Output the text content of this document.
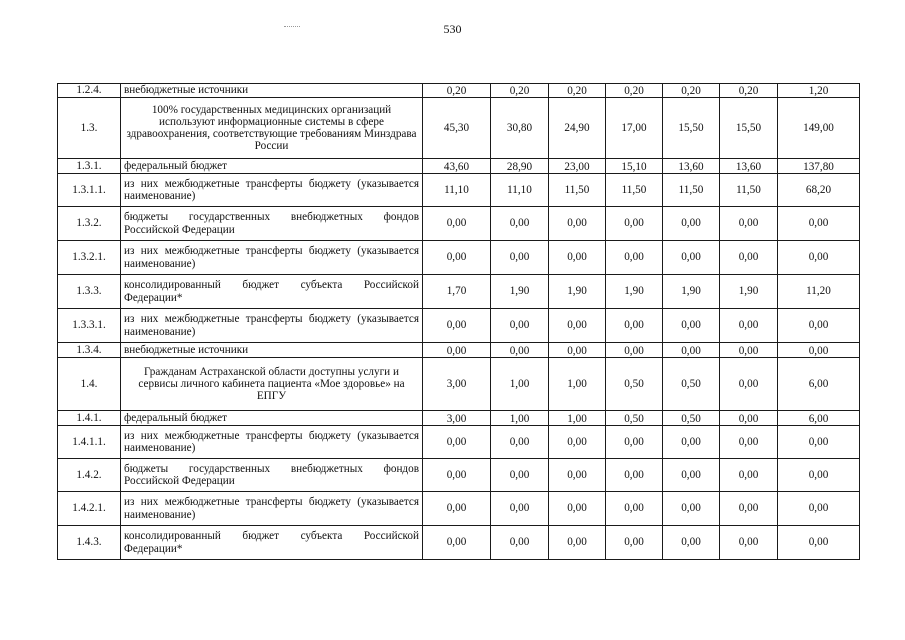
530
1.2.4.	внебюджетные источники	0,20	0,20	0,20	0,20	0,20	0,20	1,20
1.3.	100% государственных медицинских организаций используют информационные системы в сфере здравоохранения, соответствующие требованиям Минздрава России	45,30	30,80	24,90	17,00	15,50	15,50	149,00
1.3.1.	федеральный бюджет	43,60	28,90	23,00	15,10	13,60	13,60	137,80
1.3.1.1.	из них межбюджетные трансферты бюджету (указывается наименование)	11,10	11,10	11,50	11,50	11,50	11,50	68,20
1.3.2.	бюджеты государственных внебюджетных фондов Российской Федерации	0,00	0,00	0,00	0,00	0,00	0,00	0,00
1.3.2.1.	из них межбюджетные трансферты бюджету (указывается наименование)	0,00	0,00	0,00	0,00	0,00	0,00	0,00
1.3.3.	консолидированный бюджет субъекта Российской Федерации*	1,70	1,90	1,90	1,90	1,90	1,90	11,20
1.3.3.1.	из них межбюджетные трансферты бюджету (указывается наименование)	0,00	0,00	0,00	0,00	0,00	0,00	0,00
1.3.4.	внебюджетные источники	0,00	0,00	0,00	0,00	0,00	0,00	0,00
1.4.	Гражданам Астраханской области доступны услуги и сервисы личного кабинета пациента «Мое здоровье» на ЕПГУ	3,00	1,00	1,00	0,50	0,50	0,00	6,00
1.4.1.	федеральный бюджет	3,00	1,00	1,00	0,50	0,50	0,00	6,00
1.4.1.1.	из них межбюджетные трансферты бюджету (указывается наименование)	0,00	0,00	0,00	0,00	0,00	0,00	0,00
1.4.2.	бюджеты государственных внебюджетных фондов Российской Федерации	0,00	0,00	0,00	0,00	0,00	0,00	0,00
1.4.2.1.	из них межбюджетные трансферты бюджету (указывается наименование)	0,00	0,00	0,00	0,00	0,00	0,00	0,00
1.4.3.	консолидированный бюджет субъекта Российской Федерации*	0,00	0,00	0,00	0,00	0,00	0,00	0,00
